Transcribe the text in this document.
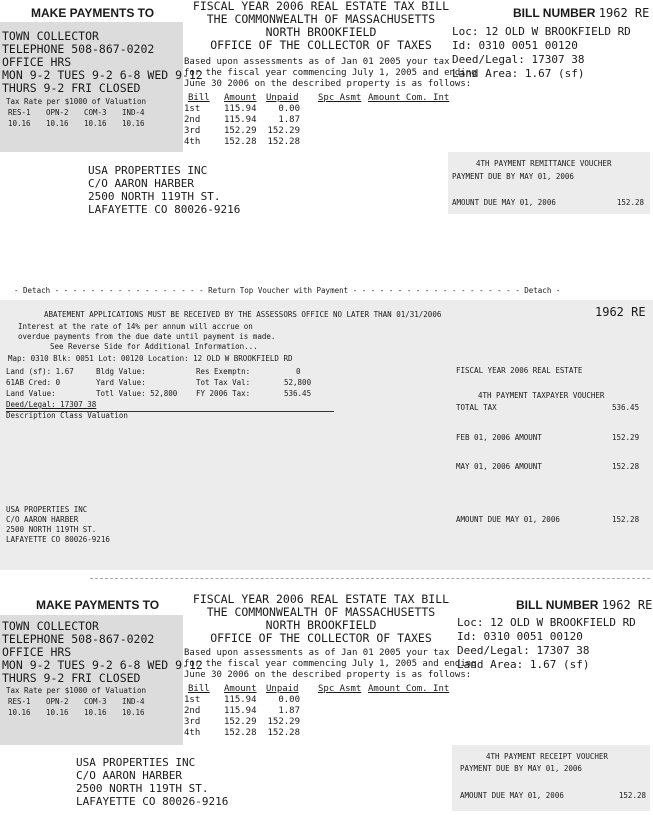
MAKE PAYMENTS TO
TOWN COLLECTOR
TELEPHONE 508-867-0202
OFFICE HRS
MON 9-2 TUES 9-2 6-8 WED 9-12
THURS 9-2 FRI CLOSED
Tax Rate per $1000 of Valuation
RES-1 OPN-2 COM-3 IND-4
10.16 10.16 10.16 10.16
FISCAL YEAR 2006 REAL ESTATE TAX BILL
THE COMMONWEALTH OF MASSACHUSETTS
NORTH BROOKFIELD
OFFICE OF THE COLLECTOR OF TAXES
Based upon assessments as of Jan 01 2005 your tax
for the fiscal year commencing July 1, 2005 and ending
June 30 2006 on the described property is as follows:
Bill	Amount	Unpaid	Spc Asmt Amount Com. Int
1st	115.94	0.00
2nd	115.94	1.87
3rd	152.29	152.29
4th	152.28	152.28
BILL NUMBER 1962 RE
Loc: 12 OLD W BROOKFIELD RD
Id: 0310 0051 00120
Deed/Legal: 17307 38
Land Area: 1.67 (sf)
USA PROPERTIES INC
C/O AARON HARBER
2500 NORTH 119TH ST.
LAFAYETTE CO 80026-9216
4TH PAYMENT REMITTANCE VOUCHER
PAYMENT DUE BY MAY 01, 2006
AMOUNT DUE MAY 01, 2006	152.28
- Detach - - - - - - - - - - - - - - - - - Return Top Voucher with Payment - - - - - - - - - - - - - - - - - - - Detach -
ABATEMENT APPLICATIONS MUST BE RECEIVED BY THE ASSESSORS OFFICE NO LATER THAN 01/31/2006	1962 RE
Interest at the rate of 14% per annum will accrue on
overdue payments from the due date until payment is made.
See Reverse Side for Additional Information...
Map: 0310 Blk: 0051 Lot: 00120 Location: 12 OLD W BROOKFIELD RD
Land (sf): 1.67	Bldg Value:	Res Exemptn:	0
61AB Cred: 0	Yard Value:	Tot Tax Val:	52,800
Land Value:	Totl Value: 52,800	FY 2006 Tax:	536.45
Deed/Legal: 17307 38
Description Class Valuation
FISCAL YEAR 2006 REAL ESTATE
4TH PAYMENT TAXPAYER VOUCHER
TOTAL TAX	536.45
FEB 01, 2006 AMOUNT	152.29
MAY 01, 2006 AMOUNT	152.28
AMOUNT DUE MAY 01, 2006	152.28
USA PROPERTIES INC
C/O AARON HARBER
2500 NORTH 119TH ST.
LAFAYETTE CO 80026-9216
MAKE PAYMENTS TO
TOWN COLLECTOR
TELEPHONE 508-867-0202
OFFICE HRS
MON 9-2 TUES 9-2 6-8 WED 9-12
THURS 9-2 FRI CLOSED
Tax Rate per $1000 of Valuation
RES-1 OPN-2 COM-3 IND-4
10.16 10.16 10.16 10.16
FISCAL YEAR 2006 REAL ESTATE TAX BILL
THE COMMONWEALTH OF MASSACHUSETTS
NORTH BROOKFIELD
OFFICE OF THE COLLECTOR OF TAXES
Based upon assessments as of Jan 01 2005 your tax
for the fiscal year commencing July 1, 2005 and ending
June 30 2006 on the described property is as follows:
Bill	Amount	Unpaid	Spc Asmt Amount Com. Int
1st	115.94	0.00
2nd	115.94	1.87
3rd	152.29	152.29
4th	152.28	152.28
BILL NUMBER 1962 RE
Loc: 12 OLD W BROOKFIELD RD
Id: 0310 0051 00120
Deed/Legal: 17307 38
Land Area: 1.67 (sf)
USA PROPERTIES INC
C/O AARON HARBER
2500 NORTH 119TH ST.
LAFAYETTE CO 80026-9216
4TH PAYMENT RECEIPT VOUCHER
PAYMENT DUE BY MAY 01, 2006
AMOUNT DUE MAY 01, 2006	152.28
